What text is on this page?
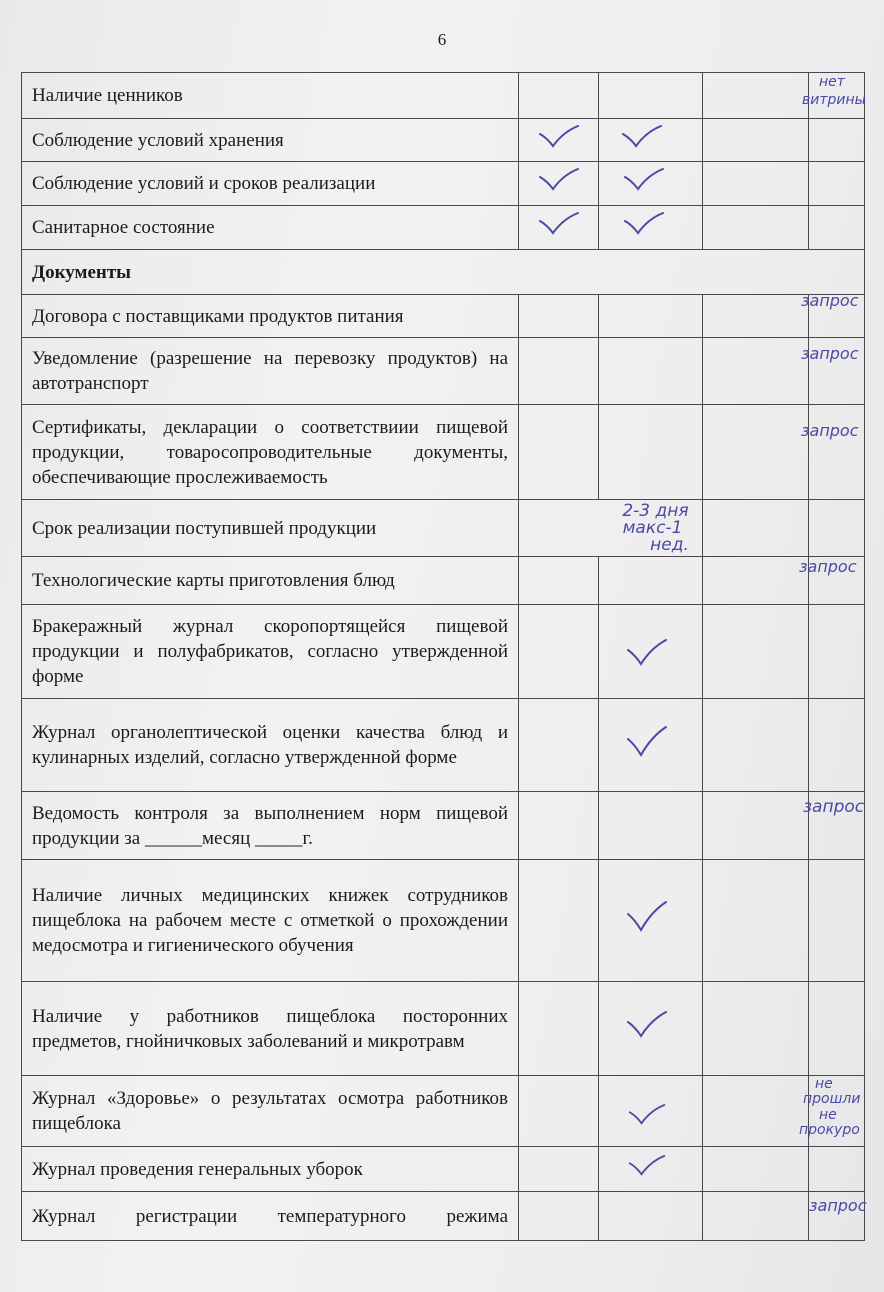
6
Наличие ценников				нет
витрины

Соблюдение условий хранения	

Соблюдение условий и сроков реализации	

Санитарное состояние	

Документы				
Договора с поставщиками продуктов питания				запрос

Уведомление (разрешение на перевозку продуктов) на автотранспорт				запрос

Сертификаты, декларации о соответствиии пищевой продукции, товаросопроводительные документы, обеспечивающие прослеживаемость				запрос

Срок реализации поступившей продукции	2-3 дня
макс-1
нед.			

Технологические карты приготовления блюд				запрос

Бракеражный журнал скоропортящейся пищевой продукции и полуфабрикатов, согласно утвержденной форме		

Журнал органолептической оценки качества блюд и кулинарных изделий, согласно утвержденной форме		

Ведомость контроля за выполнением норм пищевой продукции за ______месяц _____г.				запрос

Наличие личных медицинских книжек сотрудников пищеблока на рабочем месте с отметкой о прохождении медосмотра и гигиенического обучения		

Наличие у работников пищеблока посторонних предметов, гнойничковых заболеваний и микротравм		

Журнал «Здоровье» о результатах осмотра работников пищеблока				не
прошли
не
прокуро

Журнал проведения генеральных уборок		

Журнал регистрации температурного режима				запрос
